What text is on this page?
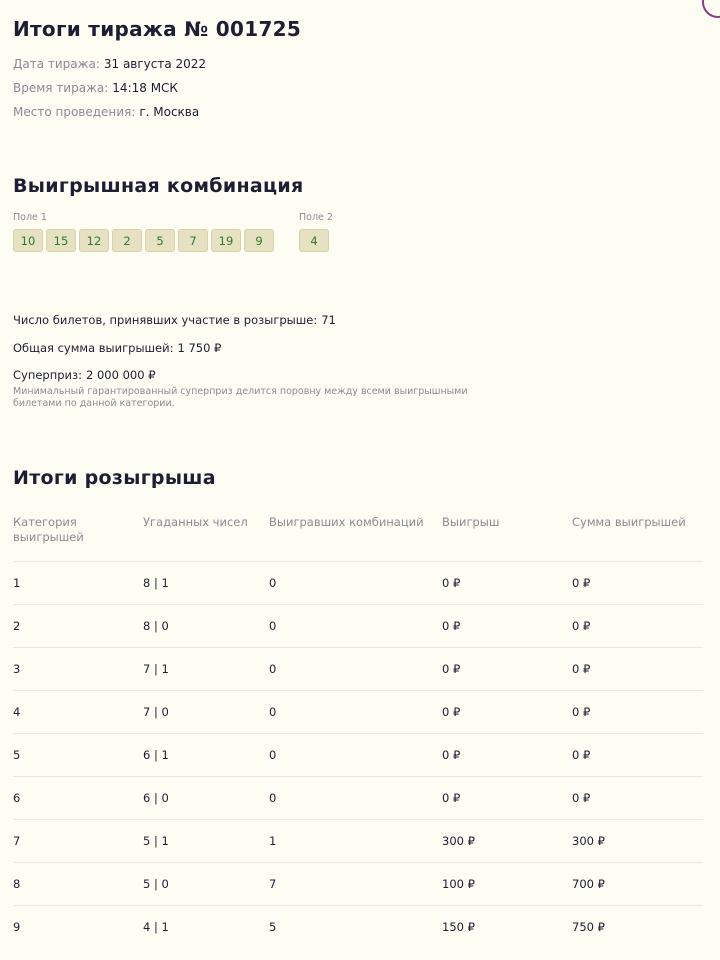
Итоги тиража № 001725
Дата тиража: 31 августа 2022
Время тиража: 14:18 МСК
Место проведения: г. Москва
Выигрышная комбинация
Поле 1
10	15	12	2	5	7	19	9
Поле 2
4
Число билетов, принявших участие в розыгрыше: 71
Общая сумма выигрышей: 1 750 ₽
Суперприз: 2 000 000 ₽
Минимальный гарантированный суперприз делится поровну между всеми выигрышными билетами по данной категории.
Итоги розыгрыша
Категория выигрышей	Угаданных чисел	Выигравших комбинаций	Выигрыш	Сумма выигрышей
1	8 | 1	0	0 ₽	0 ₽
2	8 | 0	0	0 ₽	0 ₽
3	7 | 1	0	0 ₽	0 ₽
4	7 | 0	0	0 ₽	0 ₽
5	6 | 1	0	0 ₽	0 ₽
6	6 | 0	0	0 ₽	0 ₽
7	5 | 1	1	300 ₽	300 ₽
8	5 | 0	7	100 ₽	700 ₽
9	4 | 1	5	150 ₽	750 ₽
